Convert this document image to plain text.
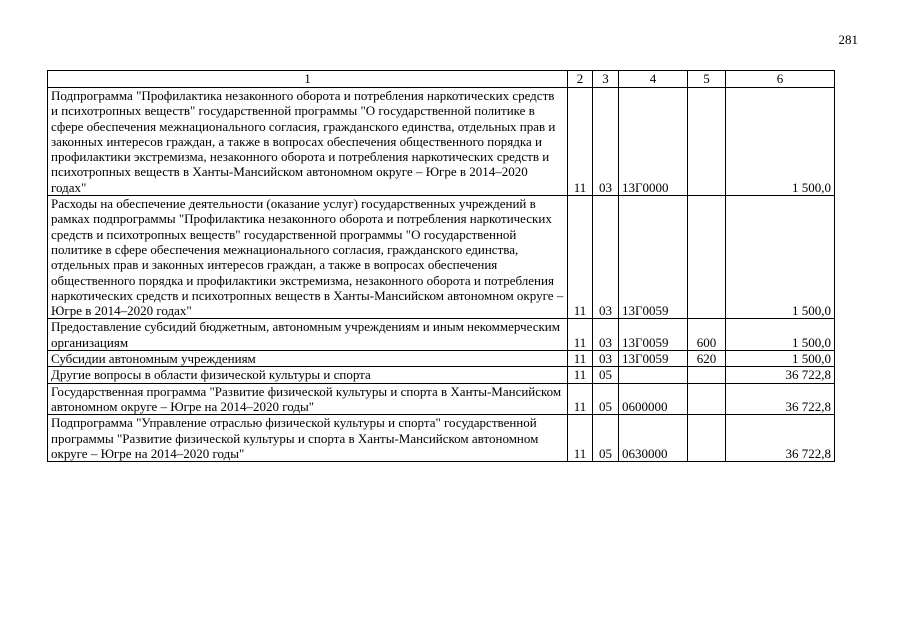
281
1	2	3	4	5	6
Подпрограмма "Профилактика незаконного оборота и потребления наркотических средств и психотропных веществ" государственной программы "О государственной политике в сфере обеспечения межнационального согласия, гражданского единства, отдельных прав и законных интересов граждан, а также в вопросах обеспечения общественного порядка и профилактики экстремизма, незаконного оборота и потребления наркотических средств и психотропных веществ в Ханты-Мансийском автономном округе – Югре в 2014–2020 годах"	11	03	13Г0000		1 500,0
Расходы на обеспечение деятельности (оказание услуг) государственных учреждений в рамках подпрограммы "Профилактика незаконного оборота и потребления наркотических средств и психотропных веществ" государственной программы "О государственной политике в сфере обеспечения межнационального согласия, гражданского единства, отдельных прав и законных интересов граждан, а также в вопросах обеспечения общественного порядка и профилактики экстремизма, незаконного оборота и потребления наркотических средств и психотропных веществ в Ханты-Мансийском автономном округе – Югре в 2014–2020 годах"	11	03	13Г0059		1 500,0
Предоставление субсидий бюджетным, автономным учреждениям и иным некоммерческим организациям	11	03	13Г0059	600	1 500,0
Субсидии автономным учреждениям	11	03	13Г0059	620	1 500,0
Другие вопросы в области физической культуры и спорта	11	05			36 722,8
Государственная программа "Развитие физической культуры и спорта в Ханты-Мансийском автономном округе – Югре на 2014–2020 годы"	11	05	0600000		36 722,8
Подпрограмма "Управление отраслью физической культуры и спорта" государственной программы "Развитие физической культуры и спорта в Ханты-Мансийском автономном округе – Югре на 2014–2020 годы"	11	05	0630000		36 722,8
